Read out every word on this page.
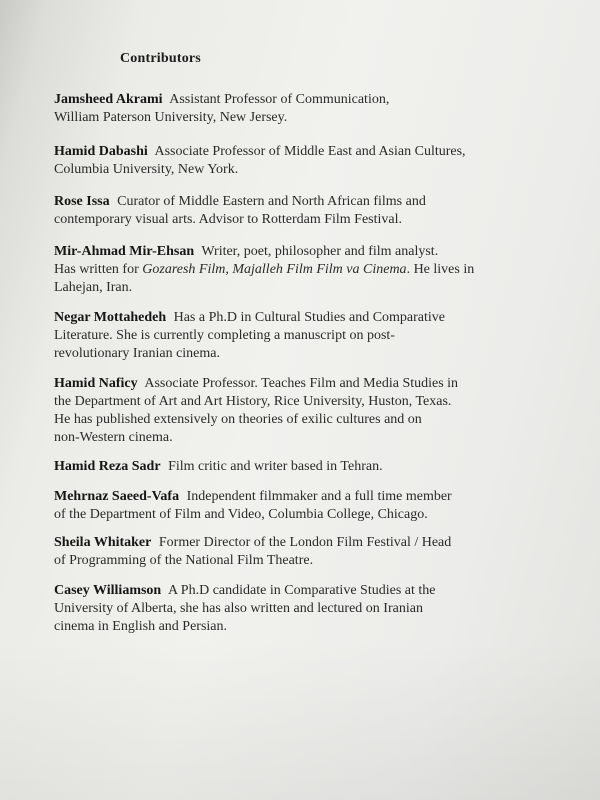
Contributors

Jamsheed Akrami Assistant Professor of Communication,
William Paterson University, New Jersey.

Hamid Dabashi Associate Professor of Middle East and Asian Cultures,
Columbia University, New York.

Rose Issa Curator of Middle Eastern and North African films and
contemporary visual arts. Advisor to Rotterdam Film Festival.

Mir-Ahmad Mir-Ehsan Writer, poet, philosopher and film analyst.
Has written for Gozaresh Film, Majalleh Film Film va Cinema. He lives in
Lahejan, Iran.

Negar Mottahedeh Has a Ph.D in Cultural Studies and Comparative
Literature. She is currently completing a manuscript on post-
revolutionary Iranian cinema.

Hamid Naficy Associate Professor. Teaches Film and Media Studies in
the Department of Art and Art History, Rice University, Huston, Texas.
He has published extensively on theories of exilic cultures and on
non-Western cinema.

Hamid Reza Sadr Film critic and writer based in Tehran.

Mehrnaz Saeed-Vafa Independent filmmaker and a full time member
of the Department of Film and Video, Columbia College, Chicago.

Sheila Whitaker Former Director of the London Film Festival / Head
of Programming of the National Film Theatre.

Casey Williamson A Ph.D candidate in Comparative Studies at the
University of Alberta, she has also written and lectured on Iranian
cinema in English and Persian.
